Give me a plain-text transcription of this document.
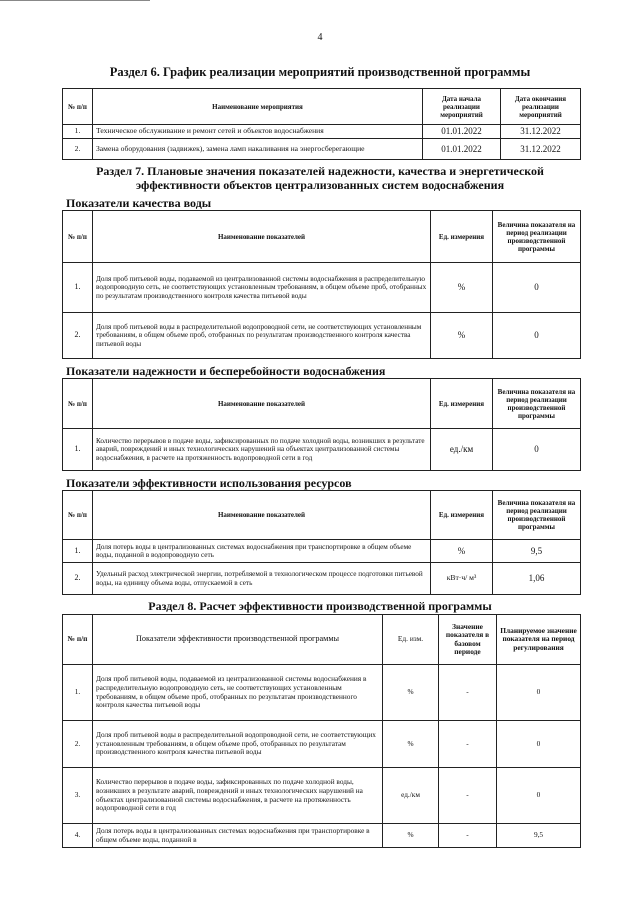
4
Раздел 6. График реализации мероприятий производственной программы
№ п/п	Наименование мероприятия	Дата начала реализации мероприятий	Дата окончания реализации мероприятий
1.	Техническое обслуживание и ремонт сетей и объектов водоснабжения	01.01.2022	31.12.2022
2.	Замена оборудования (задвижек), замена ламп накаливания на энергосберегающие	01.01.2022	31.12.2022
Раздел 7. Плановые значения показателей надежности, качества и энергетической
эффективности объектов централизованных систем водоснабжения
Показатели качества воды
№ п/п	Наименование показателей	Ед. измерения	Величина показателя на период реализации производственной программы
1.	Доля проб питьевой воды, подаваемой из централизованной системы водоснабжения в распределительную водопроводную сеть, не соответствующих установленным требованиям, в общем объеме проб, отобранных по результатам производственного контроля качества питьевой воды	%	0
2.	Доля проб питьевой воды в распределительной водопроводной сети, не соответствующих установленным требованиям, в общем объеме проб, отобранных по результатам производственного контроля качества питьевой воды	%	0
Показатели надежности и бесперебойности водоснабжения
№ п/п	Наименование показателей	Ед. измерения	Величина показателя на период реализации производственной программы
1.	Количество перерывов в подаче воды, зафиксированных по подаче холодной воды, возникших в результате аварий, повреждений и иных технологических нарушений на объектах централизованной системы водоснабжения, в расчете на протяженность водопроводной сети в год	ед./км	0
Показатели эффективности использования ресурсов
№ п/п	Наименование показателей	Ед. измерения	Величина показателя на период реализации производственной программы
1.	Доля потерь воды в централизованных системах водоснабжения при транспортировке в общем объеме воды, поданной в водопроводную сеть	%	9,5
2.	Удельный расход электрической энергии, потребляемой в технологическом процессе подготовки питьевой воды, на единицу объема воды, отпускаемой в сеть	кВт·ч/ м³	1,06
Раздел 8. Расчет эффективности производственной программы
№ п/п	Показатели эффективности производственной программы	Ед. изм.	Значение показателя в базовом периоде	Планируемое значение показателя на период регулирования
1.	Доля проб питьевой воды, подаваемой из централизованной системы водоснабжения в распределительную водопроводную сеть, не соответствующих установленным требованиям, в общем объеме проб, отобранных по результатам производственного контроля качества питьевой воды	%	-	0
2.	Доля проб питьевой воды в распределительной водопроводной сети, не соответствующих установленным требованиям, в общем объеме проб, отобранных по результатам производственного контроля качества питьевой воды	%	-	0
3.	Количество перерывов в подаче воды, зафиксированных по подаче холодной воды, возникших в результате аварий, повреждений и иных технологических нарушений на объектах централизованной системы водоснабжения, в расчете на протяженность водопроводной сети в год	ед./км	-	0
4.	Доля потерь воды в централизованных системах водоснабжения при транспортировке в общем объеме воды, поданной в	%	-	9,5
